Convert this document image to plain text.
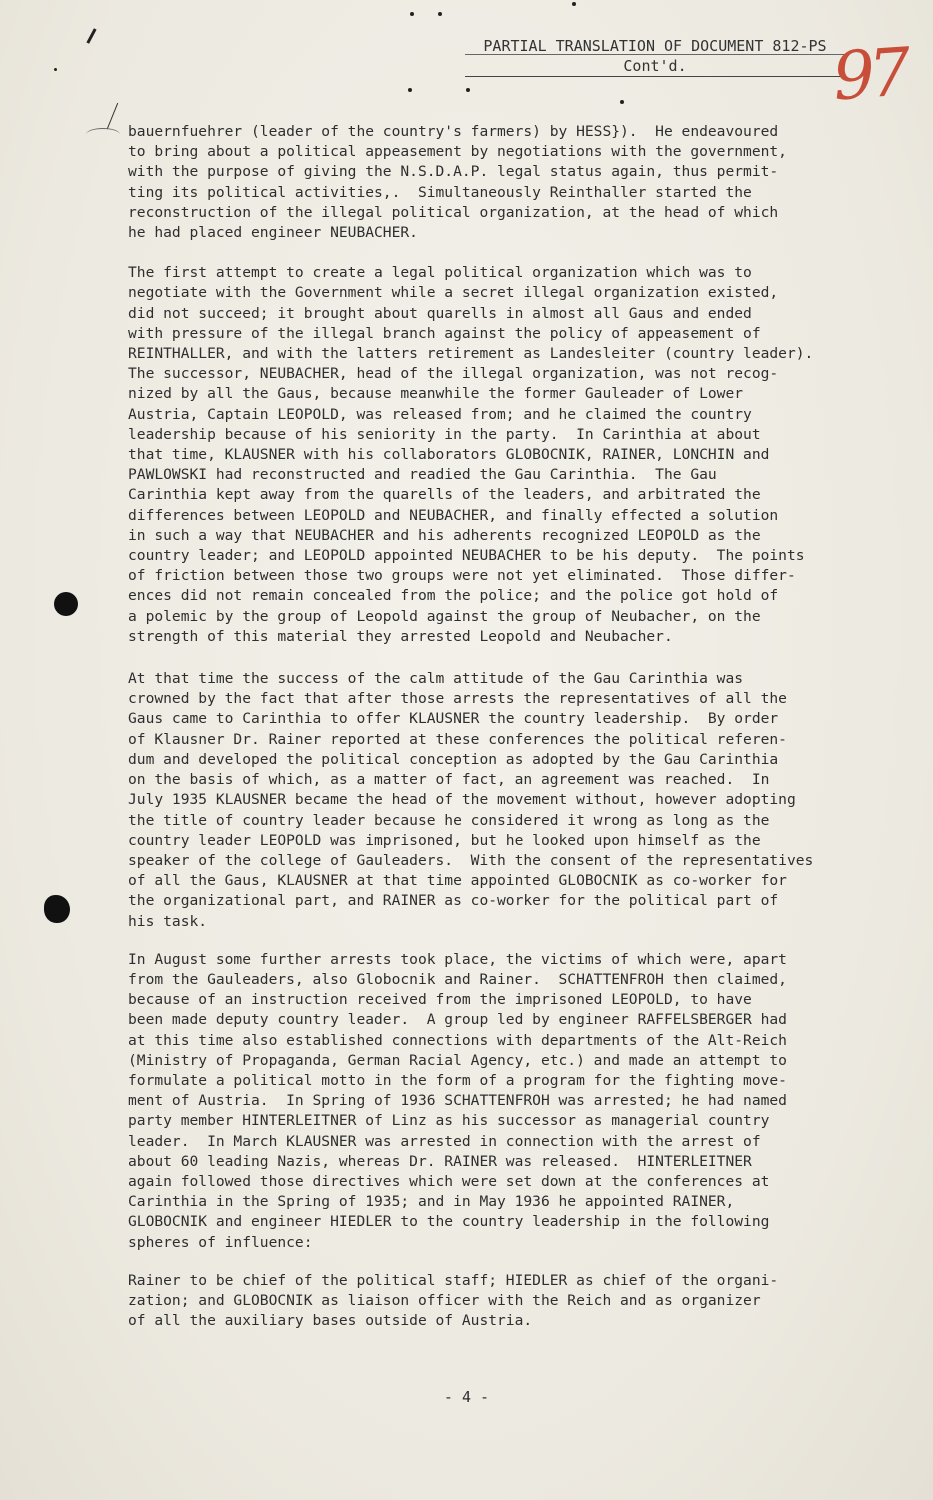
PARTIAL TRANSLATION OF DOCUMENT 812-PS
Cont'd.	97
bauernfuehrer (leader of the country's farmers) by HESS}).  He endeavoured
to bring about a political appeasement by negotiations with the government,
with the purpose of giving the N.S.D.A.P. legal status again, thus permit-
ting its political activities,.  Simultaneously Reinthaller started the
reconstruction of the illegal political organization, at the head of which
he had placed engineer NEUBACHER.
The first attempt to create a legal political organization which was to
negotiate with the Government while a secret illegal organization existed,
did not succeed; it brought about quarells in almost all Gaus and ended
with pressure of the illegal branch against the policy of appeasement of
REINTHALLER, and with the latters retirement as Landesleiter (country leader).
The successor, NEUBACHER, head of the illegal organization, was not recog-
nized by all the Gaus, because meanwhile the former Gauleader of Lower
Austria, Captain LEOPOLD, was released from; and he claimed the country
leadership because of his seniority in the party.  In Carinthia at about
that time, KLAUSNER with his collaborators GLOBOCNIK, RAINER, LONCHIN and
PAWLOWSKI had reconstructed and readied the Gau Carinthia.  The Gau
Carinthia kept away from the quarells of the leaders, and arbitrated the
differences between LEOPOLD and NEUBACHER, and finally effected a solution
in such a way that NEUBACHER and his adherents recognized LEOPOLD as the
country leader; and LEOPOLD appointed NEUBACHER to be his deputy.  The points
of friction between those two groups were not yet eliminated.  Those differ-
ences did not remain concealed from the police; and the police got hold of
a polemic by the group of Leopold against the group of Neubacher, on the
strength of this material they arrested Leopold and Neubacher.
At that time the success of the calm attitude of the Gau Carinthia was
crowned by the fact that after those arrests the representatives of all the
Gaus came to Carinthia to offer KLAUSNER the country leadership.  By order
of Klausner Dr. Rainer reported at these conferences the political referen-
dum and developed the political conception as adopted by the Gau Carinthia
on the basis of which, as a matter of fact, an agreement was reached.  In
July 1935 KLAUSNER became the head of the movement without, however adopting
the title of country leader because he considered it wrong as long as the
country leader LEOPOLD was imprisoned, but he looked upon himself as the
speaker of the college of Gauleaders.  With the consent of the representatives
of all the Gaus, KLAUSNER at that time appointed GLOBOCNIK as co-worker for
the organizational part, and RAINER as co-worker for the political part of
his task.
In August some further arrests took place, the victims of which were, apart
from the Gauleaders, also Globocnik and Rainer.  SCHATTENFROH then claimed,
because of an instruction received from the imprisoned LEOPOLD, to have
been made deputy country leader.  A group led by engineer RAFFELSBERGER had
at this time also established connections with departments of the Alt-Reich
(Ministry of Propaganda, German Racial Agency, etc.) and made an attempt to
formulate a political motto in the form of a program for the fighting move-
ment of Austria.  In Spring of 1936 SCHATTENFROH was arrested; he had named
party member HINTERLEITNER of Linz as his successor as managerial country
leader.  In March KLAUSNER was arrested in connection with the arrest of
about 60 leading Nazis, whereas Dr. RAINER was released.  HINTERLEITNER
again followed those directives which were set down at the conferences at
Carinthia in the Spring of 1935; and in May 1936 he appointed RAINER,
GLOBOCNIK and engineer HIEDLER to the country leadership in the following
spheres of influence:
Rainer to be chief of the political staff; HIEDLER as chief of the organi-
zation; and GLOBOCNIK as liaison officer with the Reich and as organizer
of all the auxiliary bases outside of Austria.
- 4 -
